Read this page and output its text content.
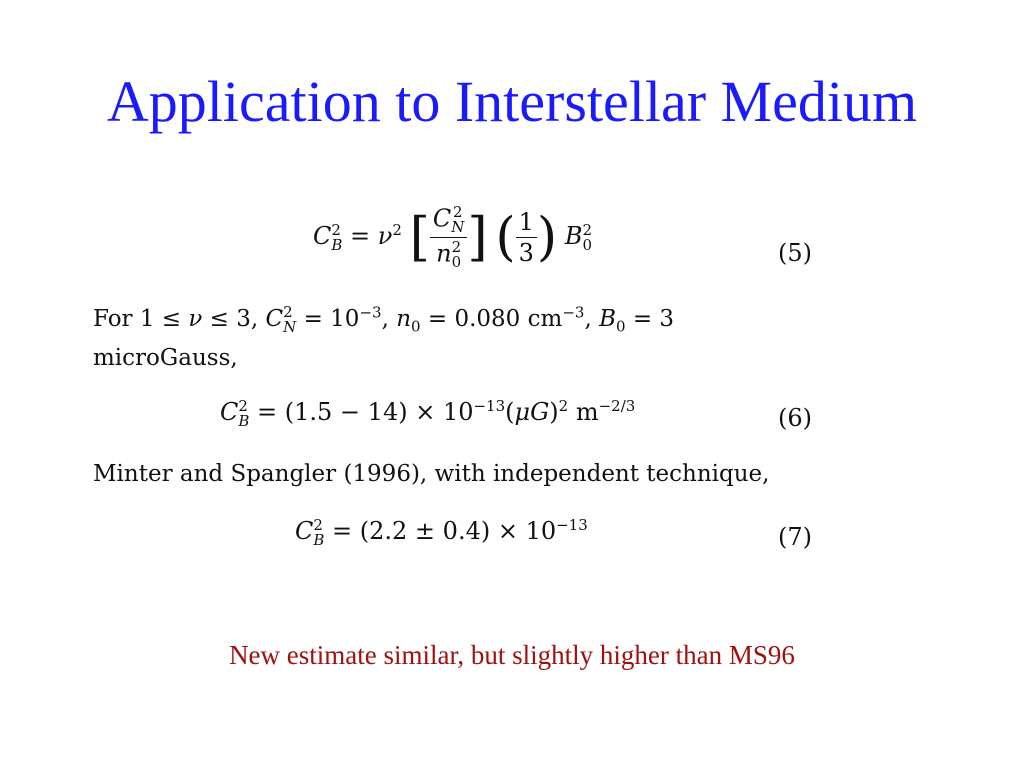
Application to Interstellar Medium
C 2
$B = \nu^2$ [ C 2
N
n 2
0 ] ( $\frac{1}{3}$ ) B 2
0	(5)
For 1 ≤ ν ≤ 3, C 2
$N = 10^{-3}$, $n_0 = 0.080$ $cm^{-3}$, $B_0 = 3$
microGauss,
C 2
$B = (1.5 - 14) \times 10^{-13}(\mu G)^2$ $m^{-2/3}$	(6)
Minter and Spangler (1996), with independent technique,
C 2
$B = (2.2 \pm 0.4) \times 10^{-13}$	(7)
New estimate similar, but slightly higher than MS96
